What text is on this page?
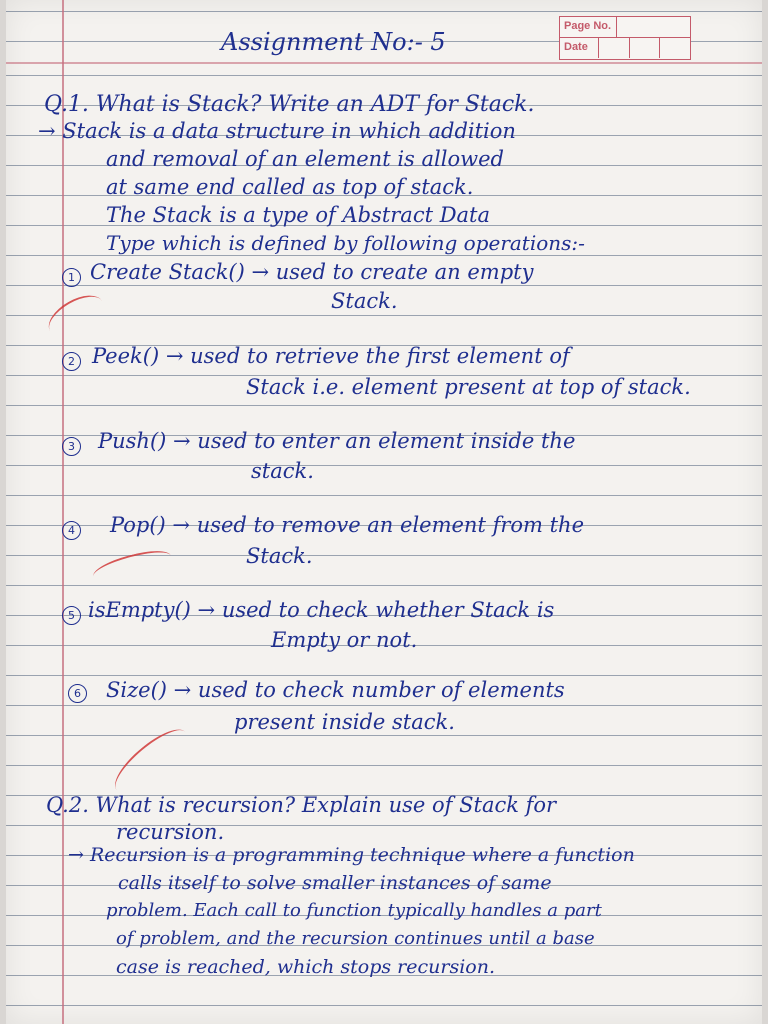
Page No.
Date
Assignment No:- 5
Q.1. What is Stack? Write an ADT for Stack.
→ Stack is a data structure in which addition
and removal of an element is allowed
at same end called as top of stack.
The Stack is a type of Abstract Data
Type which is defined by following operations:-
1 Create Stack() → used to create an empty
Stack.
2 Peek() → used to retrieve the first element of
Stack i.e. element present at top of stack.
3 Push() → used to enter an element inside the
stack.
4 Pop() → used to remove an element from the
Stack.
5 isEmpty() → used to check whether Stack is
Empty or not.
6 Size() → used to check number of elements
present inside stack.
Q.2. What is recursion? Explain use of Stack for
recursion.
→ Recursion is a programming technique where a function
calls itself to solve smaller instances of same
problem. Each call to function typically handles a part
of problem, and the recursion continues until a base
case is reached, which stops recursion.
